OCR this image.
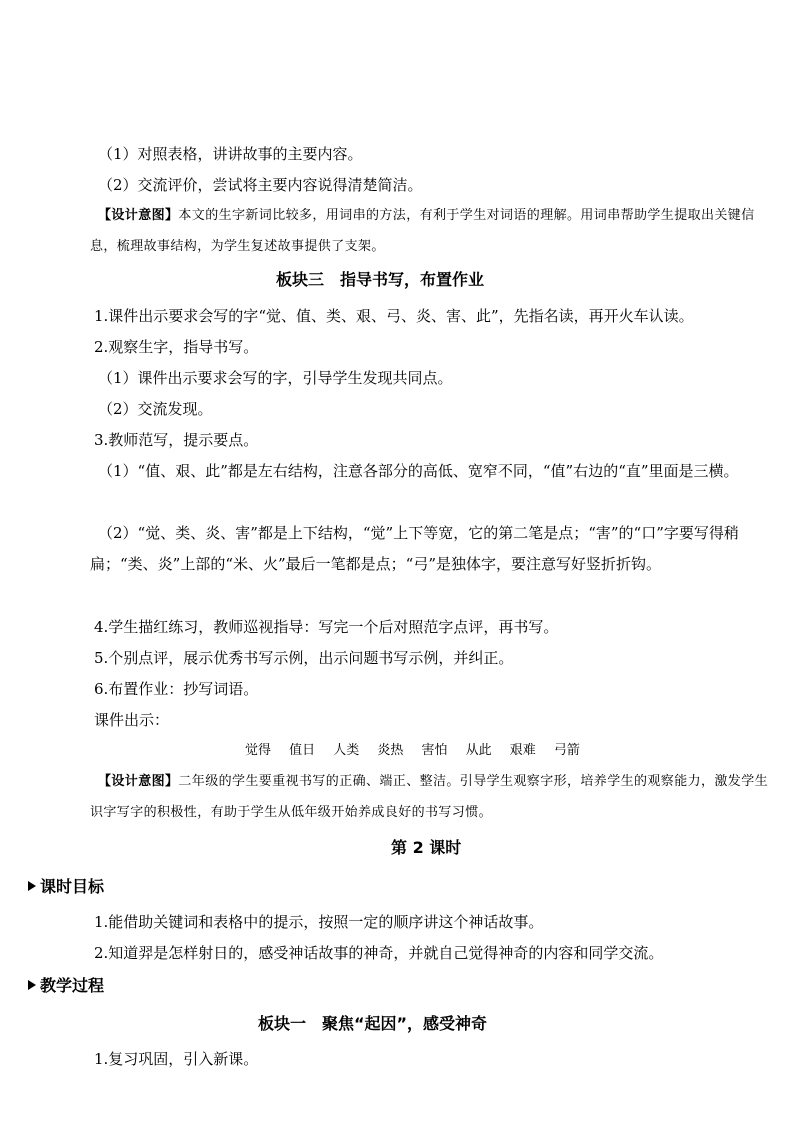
（1）对照表格，讲讲故事的主要内容。
（2）交流评价，尝试将主要内容说得清楚简洁。
【设计意图】本文的生字新词比较多，用词串的方法，有利于学生对词语的理解。用词串帮助学生提取出关键信息，梳理故事结构，为学生复述故事提供了支架。
板块三　指导书写，布置作业
1.课件出示要求会写的字“觉、值、类、艰、弓、炎、害、此”，先指名读，再开火车认读。
2.观察生字，指导书写。
（1）课件出示要求会写的字，引导学生发现共同点。
（2）交流发现。
3.教师范写，提示要点。
（1）“值、艰、此”都是左右结构，注意各部分的高低、宽窄不同，“值”右边的“直”里面是三横。
（2）“觉、类、炎、害”都是上下结构，“觉”上下等宽，它的第二笔是点；“害”的“口”字要写得稍扁；“类、炎”上部的“米、火”最后一笔都是点；“弓”是独体字，要注意写好竖折折钩。
4.学生描红练习，教师巡视指导：写完一个后对照范字点评，再书写。
5.个别点评，展示优秀书写示例，出示问题书写示例，并纠正。
6.布置作业：抄写词语。
课件出示：
觉得 值日 人类 炎热 害怕 从此 艰难 弓箭
【设计意图】二年级的学生要重视书写的正确、端正、整洁。引导学生观察字形，培养学生的观察能力，激发学生识字写字的积极性，有助于学生从低年级开始养成良好的书写习惯。
第 2 课时
课时目标
1.能借助关键词和表格中的提示，按照一定的顺序讲这个神话故事。
2.知道羿是怎样射日的，感受神话故事的神奇，并就自己觉得神奇的内容和同学交流。
教学过程
板块一　聚焦“起因”，感受神奇
1.复习巩固，引入新课。
